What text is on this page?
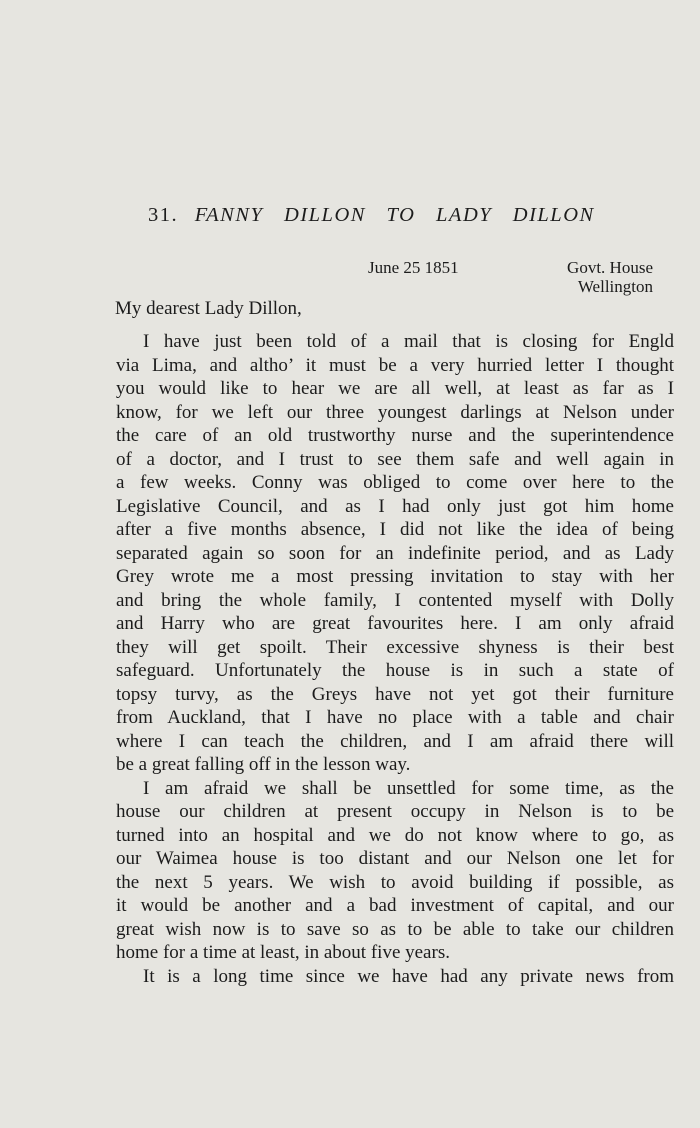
31. FANNY DILLON TO LADY DILLON
June 25 1851	Govt. House
Wellington
My dearest Lady Dillon,
I have just been told of a mail that is closing for Engld
via Lima, and altho’ it must be a very hurried letter I thought
you would like to hear we are all well, at least as far as I
know, for we left our three youngest darlings at Nelson under
the care of an old trustworthy nurse and the superintendence
of a doctor, and I trust to see them safe and well again in
a few weeks. Conny was obliged to come over here to the
Legislative Council, and as I had only just got him home
after a five months absence, I did not like the idea of being
separated again so soon for an indefinite period, and as Lady
Grey wrote me a most pressing invitation to stay with her
and bring the whole family, I contented myself with Dolly
and Harry who are great favourites here. I am only afraid
they will get spoilt. Their excessive shyness is their best
safeguard. Unfortunately the house is in such a state of
topsy turvy, as the Greys have not yet got their furniture
from Auckland, that I have no place with a table and chair
where I can teach the children, and I am afraid there will
be a great falling off in the lesson way.
I am afraid we shall be unsettled for some time, as the
house our children at present occupy in Nelson is to be
turned into an hospital and we do not know where to go, as
our Waimea house is too distant and our Nelson one let for
the next 5 years. We wish to avoid building if possible, as
it would be another and a bad investment of capital, and our
great wish now is to save so as to be able to take our children
home for a time at least, in about five years.
It is a long time since we have had any private news from
